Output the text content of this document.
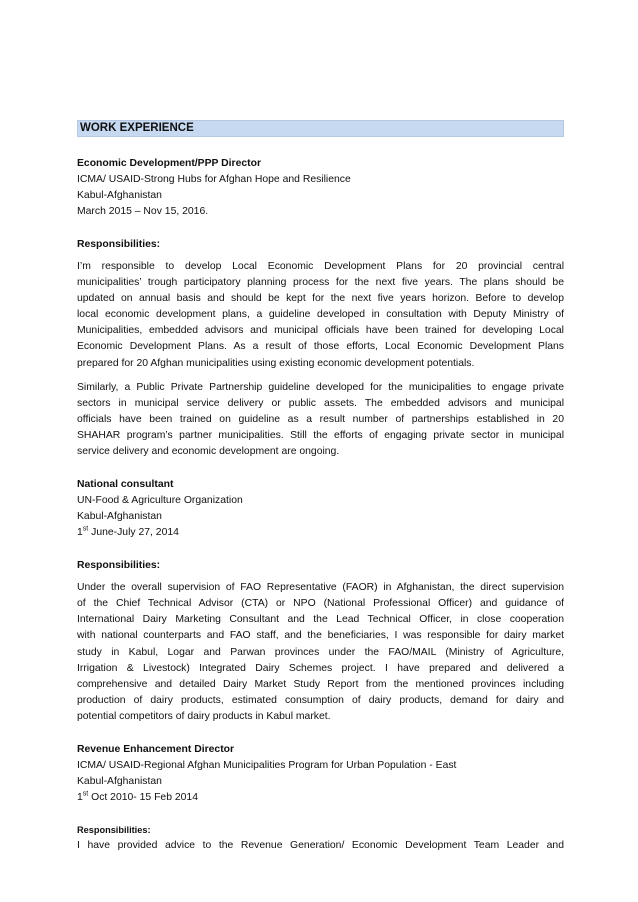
WORK EXPERIENCE
Economic Development/PPP Director
ICMA/ USAID-Strong Hubs for Afghan Hope and Resilience
Kabul-Afghanistan
March 2015 – Nov 15, 2016.
Responsibilities:
I’m responsible to develop Local Economic Development Plans for 20 provincial central
municipalities’ trough participatory planning process for the next five years. The plans should be
updated on annual basis and should be kept for the next five years horizon. Before to develop
local economic development plans, a guideline developed in consultation with Deputy Ministry of
Municipalities, embedded advisors and municipal officials have been trained for developing Local
Economic Development Plans. As a result of those efforts, Local Economic Development Plans
prepared for 20 Afghan municipalities using existing economic development potentials.
Similarly, a Public Private Partnership guideline developed for the municipalities to engage private
sectors in municipal service delivery or public assets. The embedded advisors and municipal
officials have been trained on guideline as a result number of partnerships established in 20
SHAHAR program’s partner municipalities. Still the efforts of engaging private sector in municipal
service delivery and economic development are ongoing.
National consultant
UN-Food & Agriculture Organization
Kabul-Afghanistan
1st June-July 27, 2014
Responsibilities:
Under the overall supervision of FAO Representative (FAOR) in Afghanistan, the direct supervision
of the Chief Technical Advisor (CTA) or NPO (National Professional Officer) and guidance of
International Dairy Marketing Consultant and the Lead Technical Officer, in close cooperation
with national counterparts and FAO staff, and the beneficiaries, I was responsible for dairy market
study in Kabul, Logar and Parwan provinces under the FAO/MAIL (Ministry of Agriculture,
Irrigation & Livestock) Integrated Dairy Schemes project. I have prepared and delivered a
comprehensive and detailed Dairy Market Study Report from the mentioned provinces including
production of dairy products, estimated consumption of dairy products, demand for dairy and
potential competitors of dairy products in Kabul market.
Revenue Enhancement Director
ICMA/ USAID-Regional Afghan Municipalities Program for Urban Population - East
Kabul-Afghanistan
1st Oct 2010- 15 Feb 2014
Responsibilities:
I have provided advice to the Revenue Generation/ Economic Development Team Leader and
